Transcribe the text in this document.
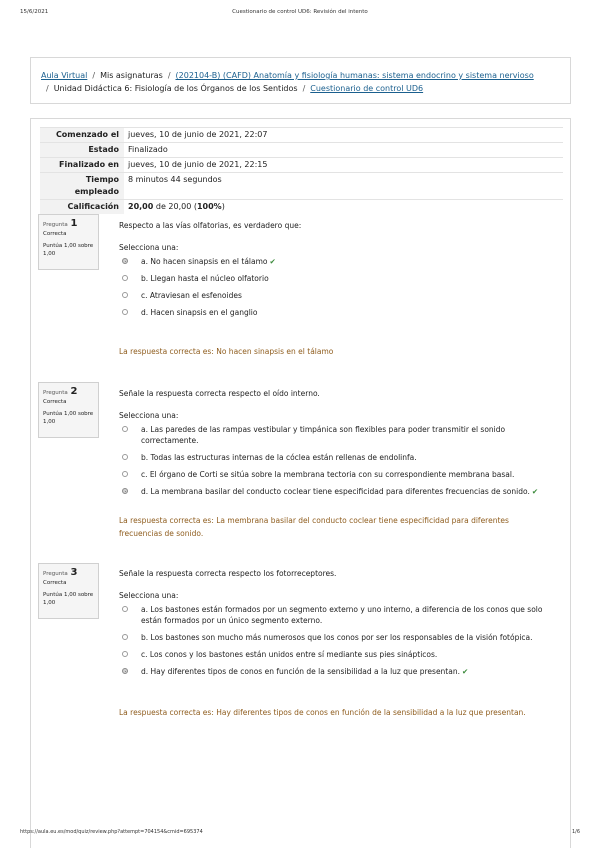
15/6/2021	Cuestionario de control UD6: Revisión del intento
Aula Virtual / Mis asignaturas / (202104-B) (CAFD) Anatomía y fisiología humanas: sistema endocrino y sistema nervioso
/ Unidad Didáctica 6: Fisiología de los Órganos de los Sentidos / Cuestionario de control UD6
Comenzado el	jueves, 10 de junio de 2021, 22:07
Estado	Finalizado
Finalizado en	jueves, 10 de junio de 2021, 22:15
Tiempo empleado	8 minutos 44 segundos
Calificación	20,00 de 20,00 (100%)
Pregunta 1
Correcta
Puntúa 1,00 sobre 1,00
Respecto a las vías olfatorias, es verdadero que:
Selecciona una:
a. No hacen sinapsis en el tálamo ✔
b. Llegan hasta el núcleo olfatorio
c. Atraviesan el esfenoides
d. Hacen sinapsis en el ganglio
La respuesta correcta es: No hacen sinapsis en el tálamo
Pregunta 2
Correcta
Puntúa 1,00 sobre 1,00
Señale la respuesta correcta respecto el oído interno.
Selecciona una:
a. Las paredes de las rampas vestibular y timpánica son flexibles para poder transmitir el sonido correctamente.
b. Todas las estructuras internas de la cóclea están rellenas de endolinfa.
c. El órgano de Corti se sitúa sobre la membrana tectoria con su correspondiente membrana basal.
d. La membrana basilar del conducto coclear tiene especificidad para diferentes frecuencias de sonido. ✔
La respuesta correcta es: La membrana basilar del conducto coclear tiene especificidad para diferentes frecuencias de sonido.
Pregunta 3
Correcta
Puntúa 1,00 sobre 1,00
Señale la respuesta correcta respecto los fotorreceptores.
Selecciona una:
a. Los bastones están formados por un segmento externo y uno interno, a diferencia de los conos que solo están formados por un único segmento externo.
b. Los bastones son mucho más numerosos que los conos por ser los responsables de la visión fotópica.
c. Los conos y los bastones están unidos entre sí mediante sus pies sinápticos.
d. Hay diferentes tipos de conos en función de la sensibilidad a la luz que presentan. ✔
La respuesta correcta es: Hay diferentes tipos de conos en función de la sensibilidad a la luz que presentan.
https://aula.eu.es/mod/quiz/review.php?attempt=704154&cmid=695374	1/6
